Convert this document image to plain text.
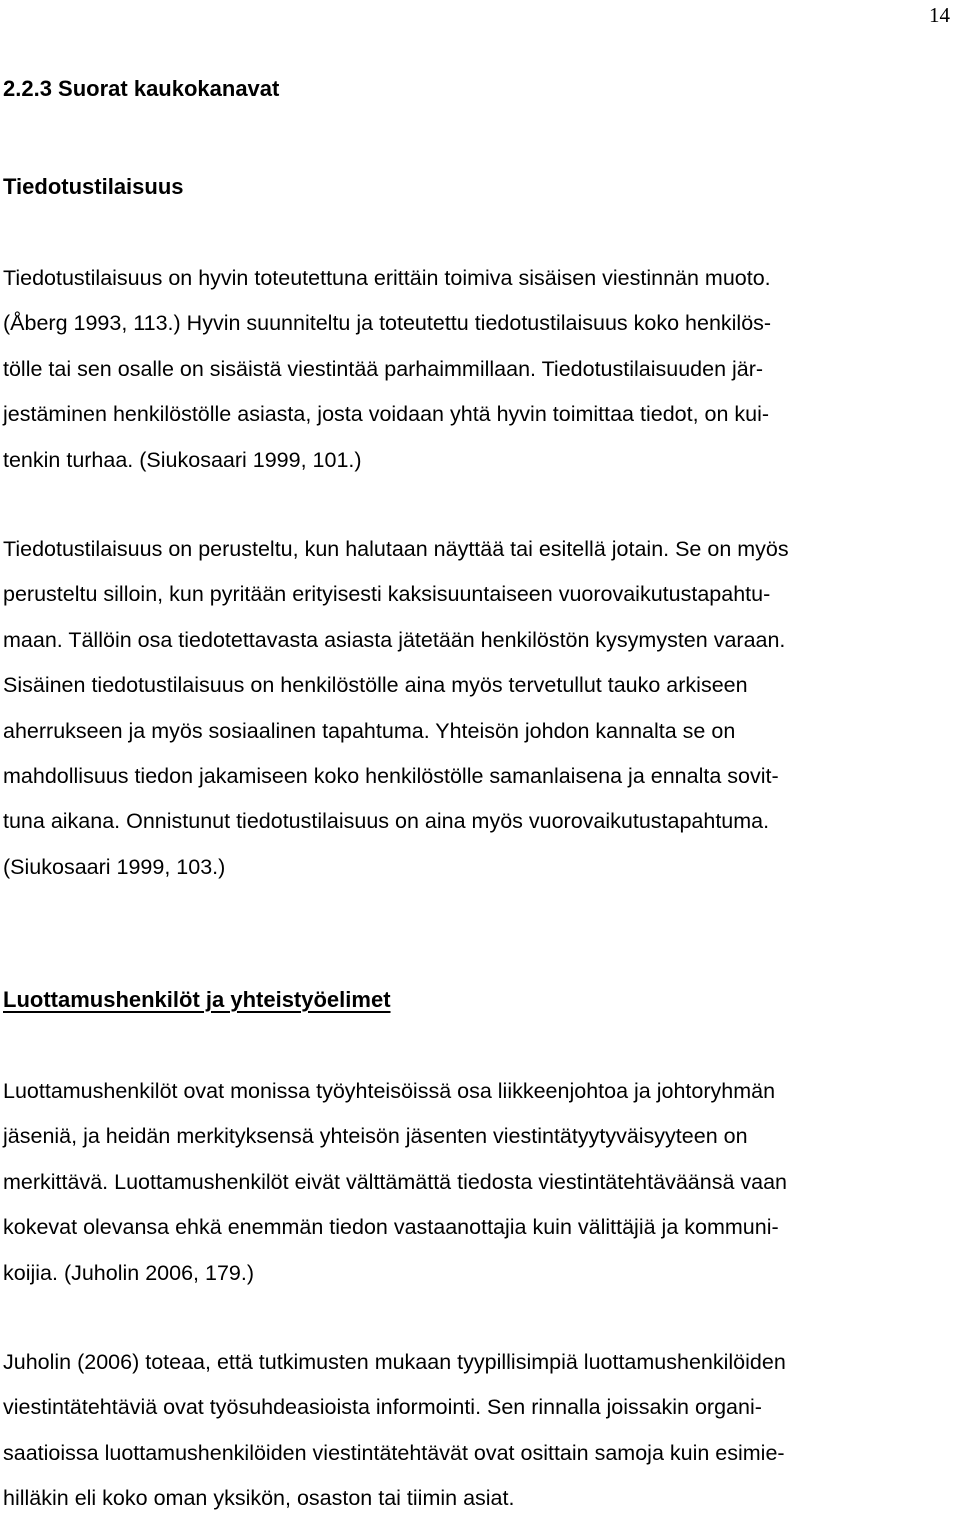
14
2.2.3 Suorat kaukokanavat
Tiedotustilaisuus

Tiedotustilaisuus on hyvin toteutettuna erittäin toimiva sisäisen viestinnän muoto.
(Åberg 1993, 113.) Hyvin suunniteltu ja toteutettu tiedotustilaisuus koko henkilös-
tölle tai sen osalle on sisäistä viestintää parhaimmillaan. Tiedotustilaisuuden jär-
jestäminen henkilöstölle asiasta, josta voidaan yhtä hyvin toimittaa tiedot, on kui-
tenkin turhaa. (Siukosaari 1999, 101.)

Tiedotustilaisuus on perusteltu, kun halutaan näyttää tai esitellä jotain. Se on myös
perusteltu silloin, kun pyritään erityisesti kaksisuuntaiseen vuorovaikutustapahtu-
maan. Tällöin osa tiedotettavasta asiasta jätetään henkilöstön kysymysten varaan.
Sisäinen tiedotustilaisuus on henkilöstölle aina myös tervetullut tauko arkiseen
aherrukseen ja myös sosiaalinen tapahtuma. Yhteisön johdon kannalta se on
mahdollisuus tiedon jakamiseen koko henkilöstölle samanlaisena ja ennalta sovit-
tuna aikana. Onnistunut tiedotustilaisuus on aina myös vuorovaikutustapahtuma.
(Siukosaari 1999, 103.)

Luottamushenkilöt ja yhteistyöelimet

Luottamushenkilöt ovat monissa työyhteisöissä osa liikkeenjohtoa ja johtoryhmän
jäseniä, ja heidän merkityksensä yhteisön jäsenten viestintätyytyväisyyteen on
merkittävä. Luottamushenkilöt eivät välttämättä tiedosta viestintätehtäväänsä vaan
kokevat olevansa ehkä enemmän tiedon vastaanottajia kuin välittäjiä ja kommuni-
koijia. (Juholin 2006, 179.)

Juholin (2006) toteaa, että tutkimusten mukaan tyypillisimpiä luottamushenkilöiden
viestintätehtäviä ovat työsuhdeasioista informointi. Sen rinnalla joissakin organi-
saatioissa luottamushenkilöiden viestintätehtävät ovat osittain samoja kuin esimie-
hilläkin eli koko oman yksikön, osaston tai tiimin asiat.
